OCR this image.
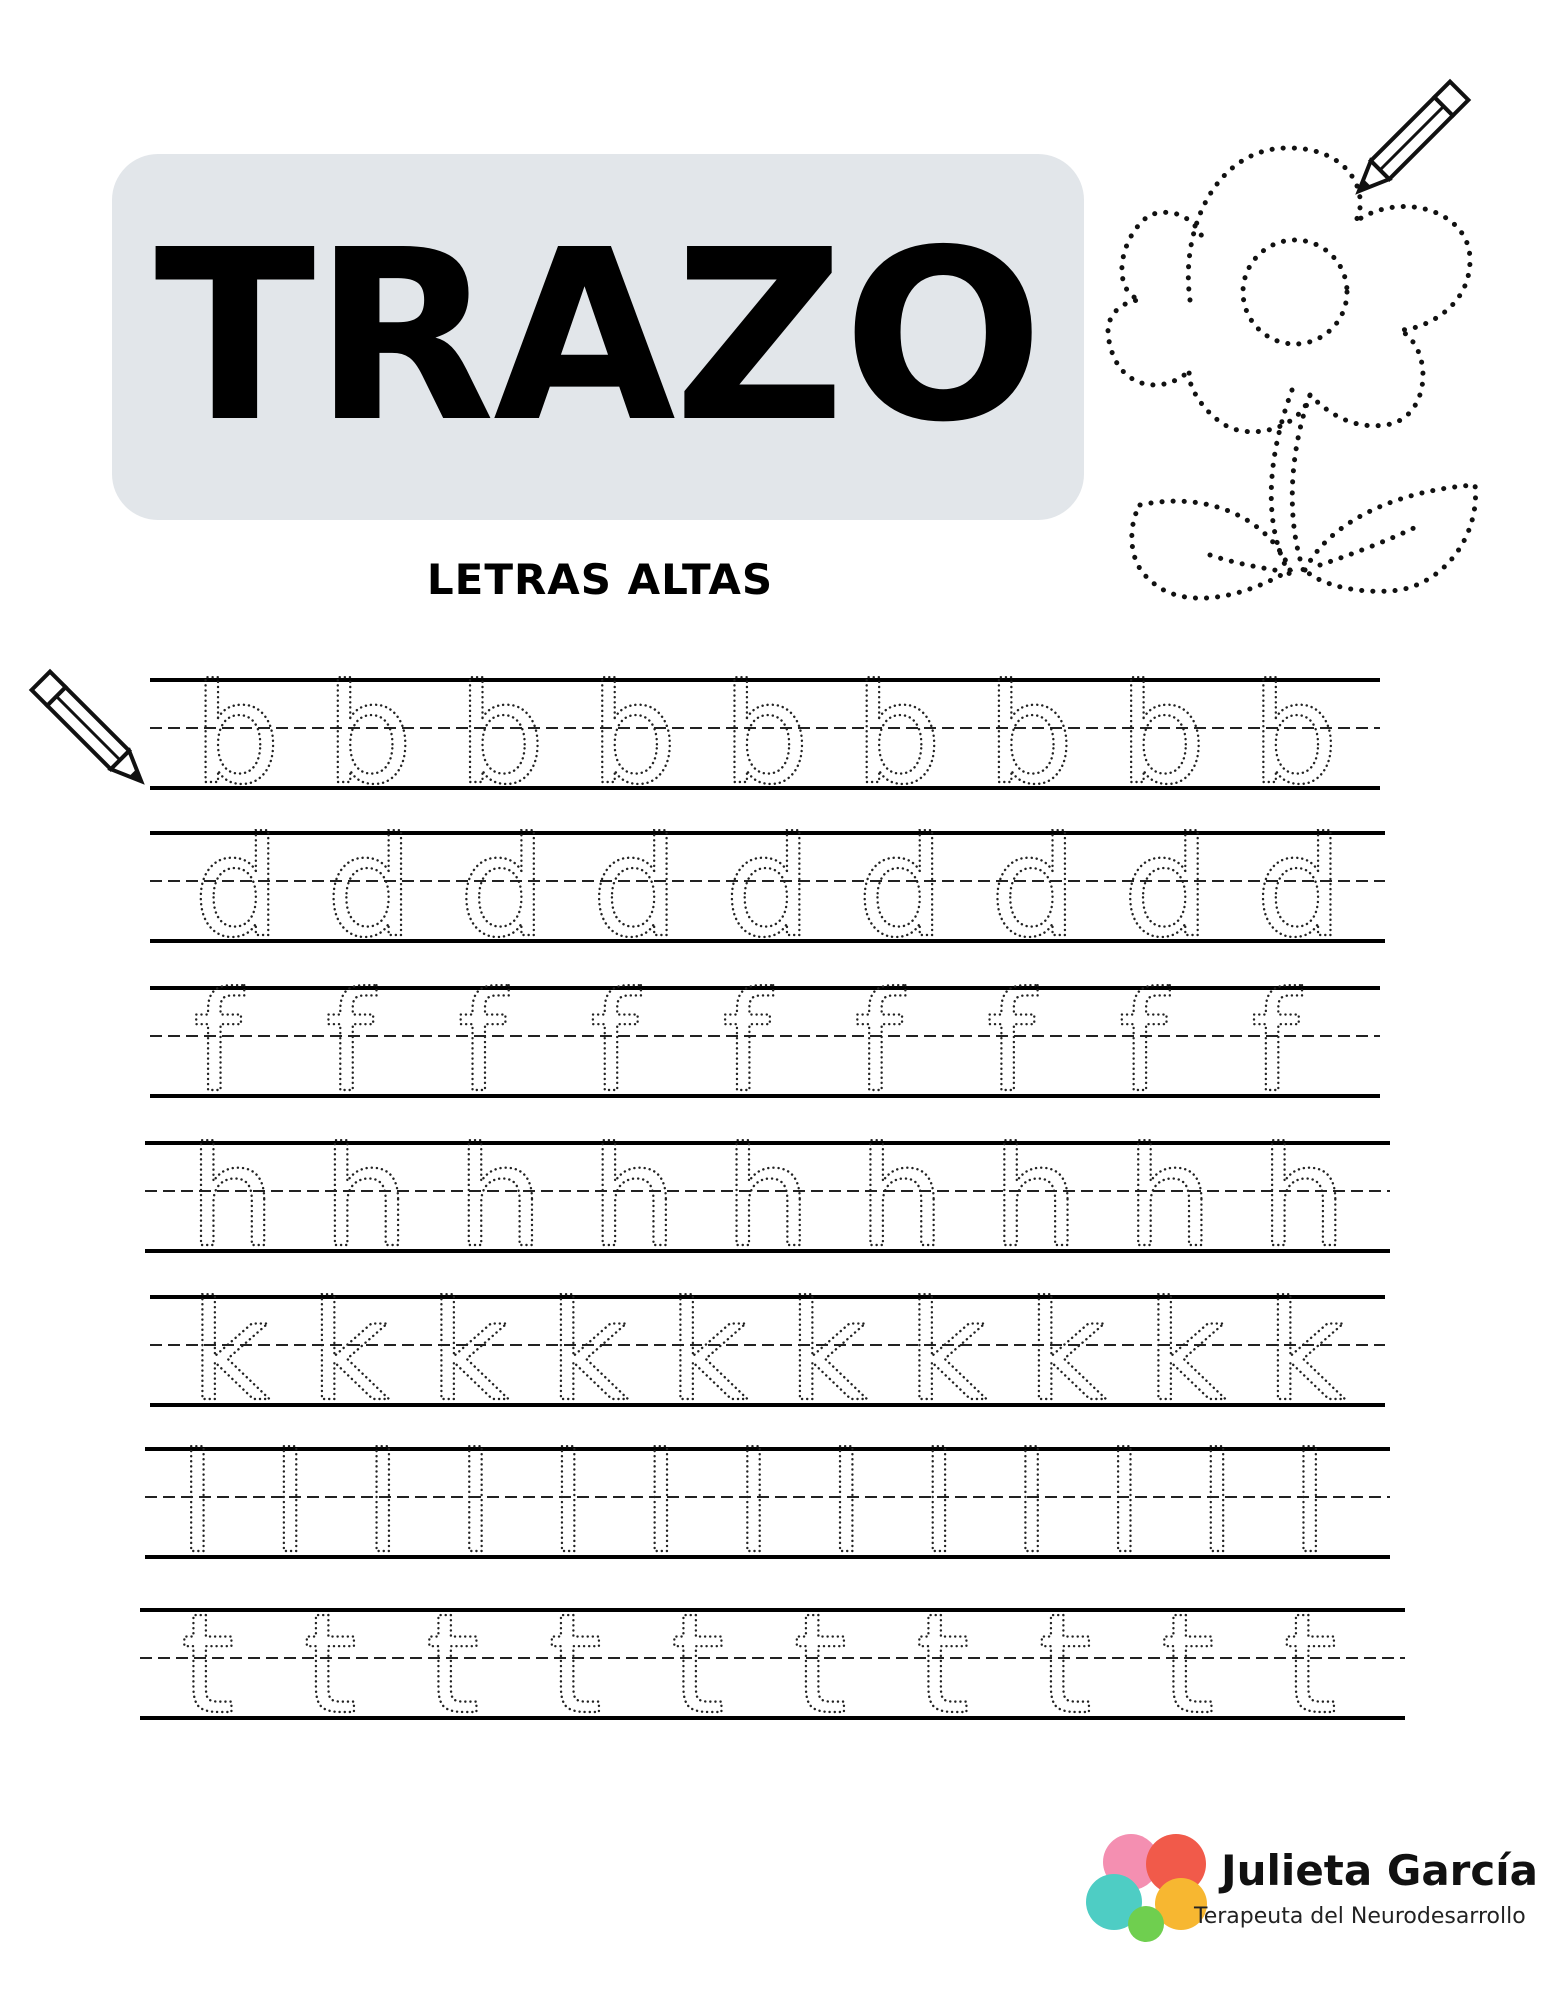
TRAZO
LETRAS ALTAS
b b b b b b b b b
d d d d d d d d d
f f f f f f f f f
h h h h h h h h h
k k k k k k k k k k
l l l l l l l l l l l l l
t t t t t t t t t t
Julieta García
Terapeuta del Neurodesarrollo
